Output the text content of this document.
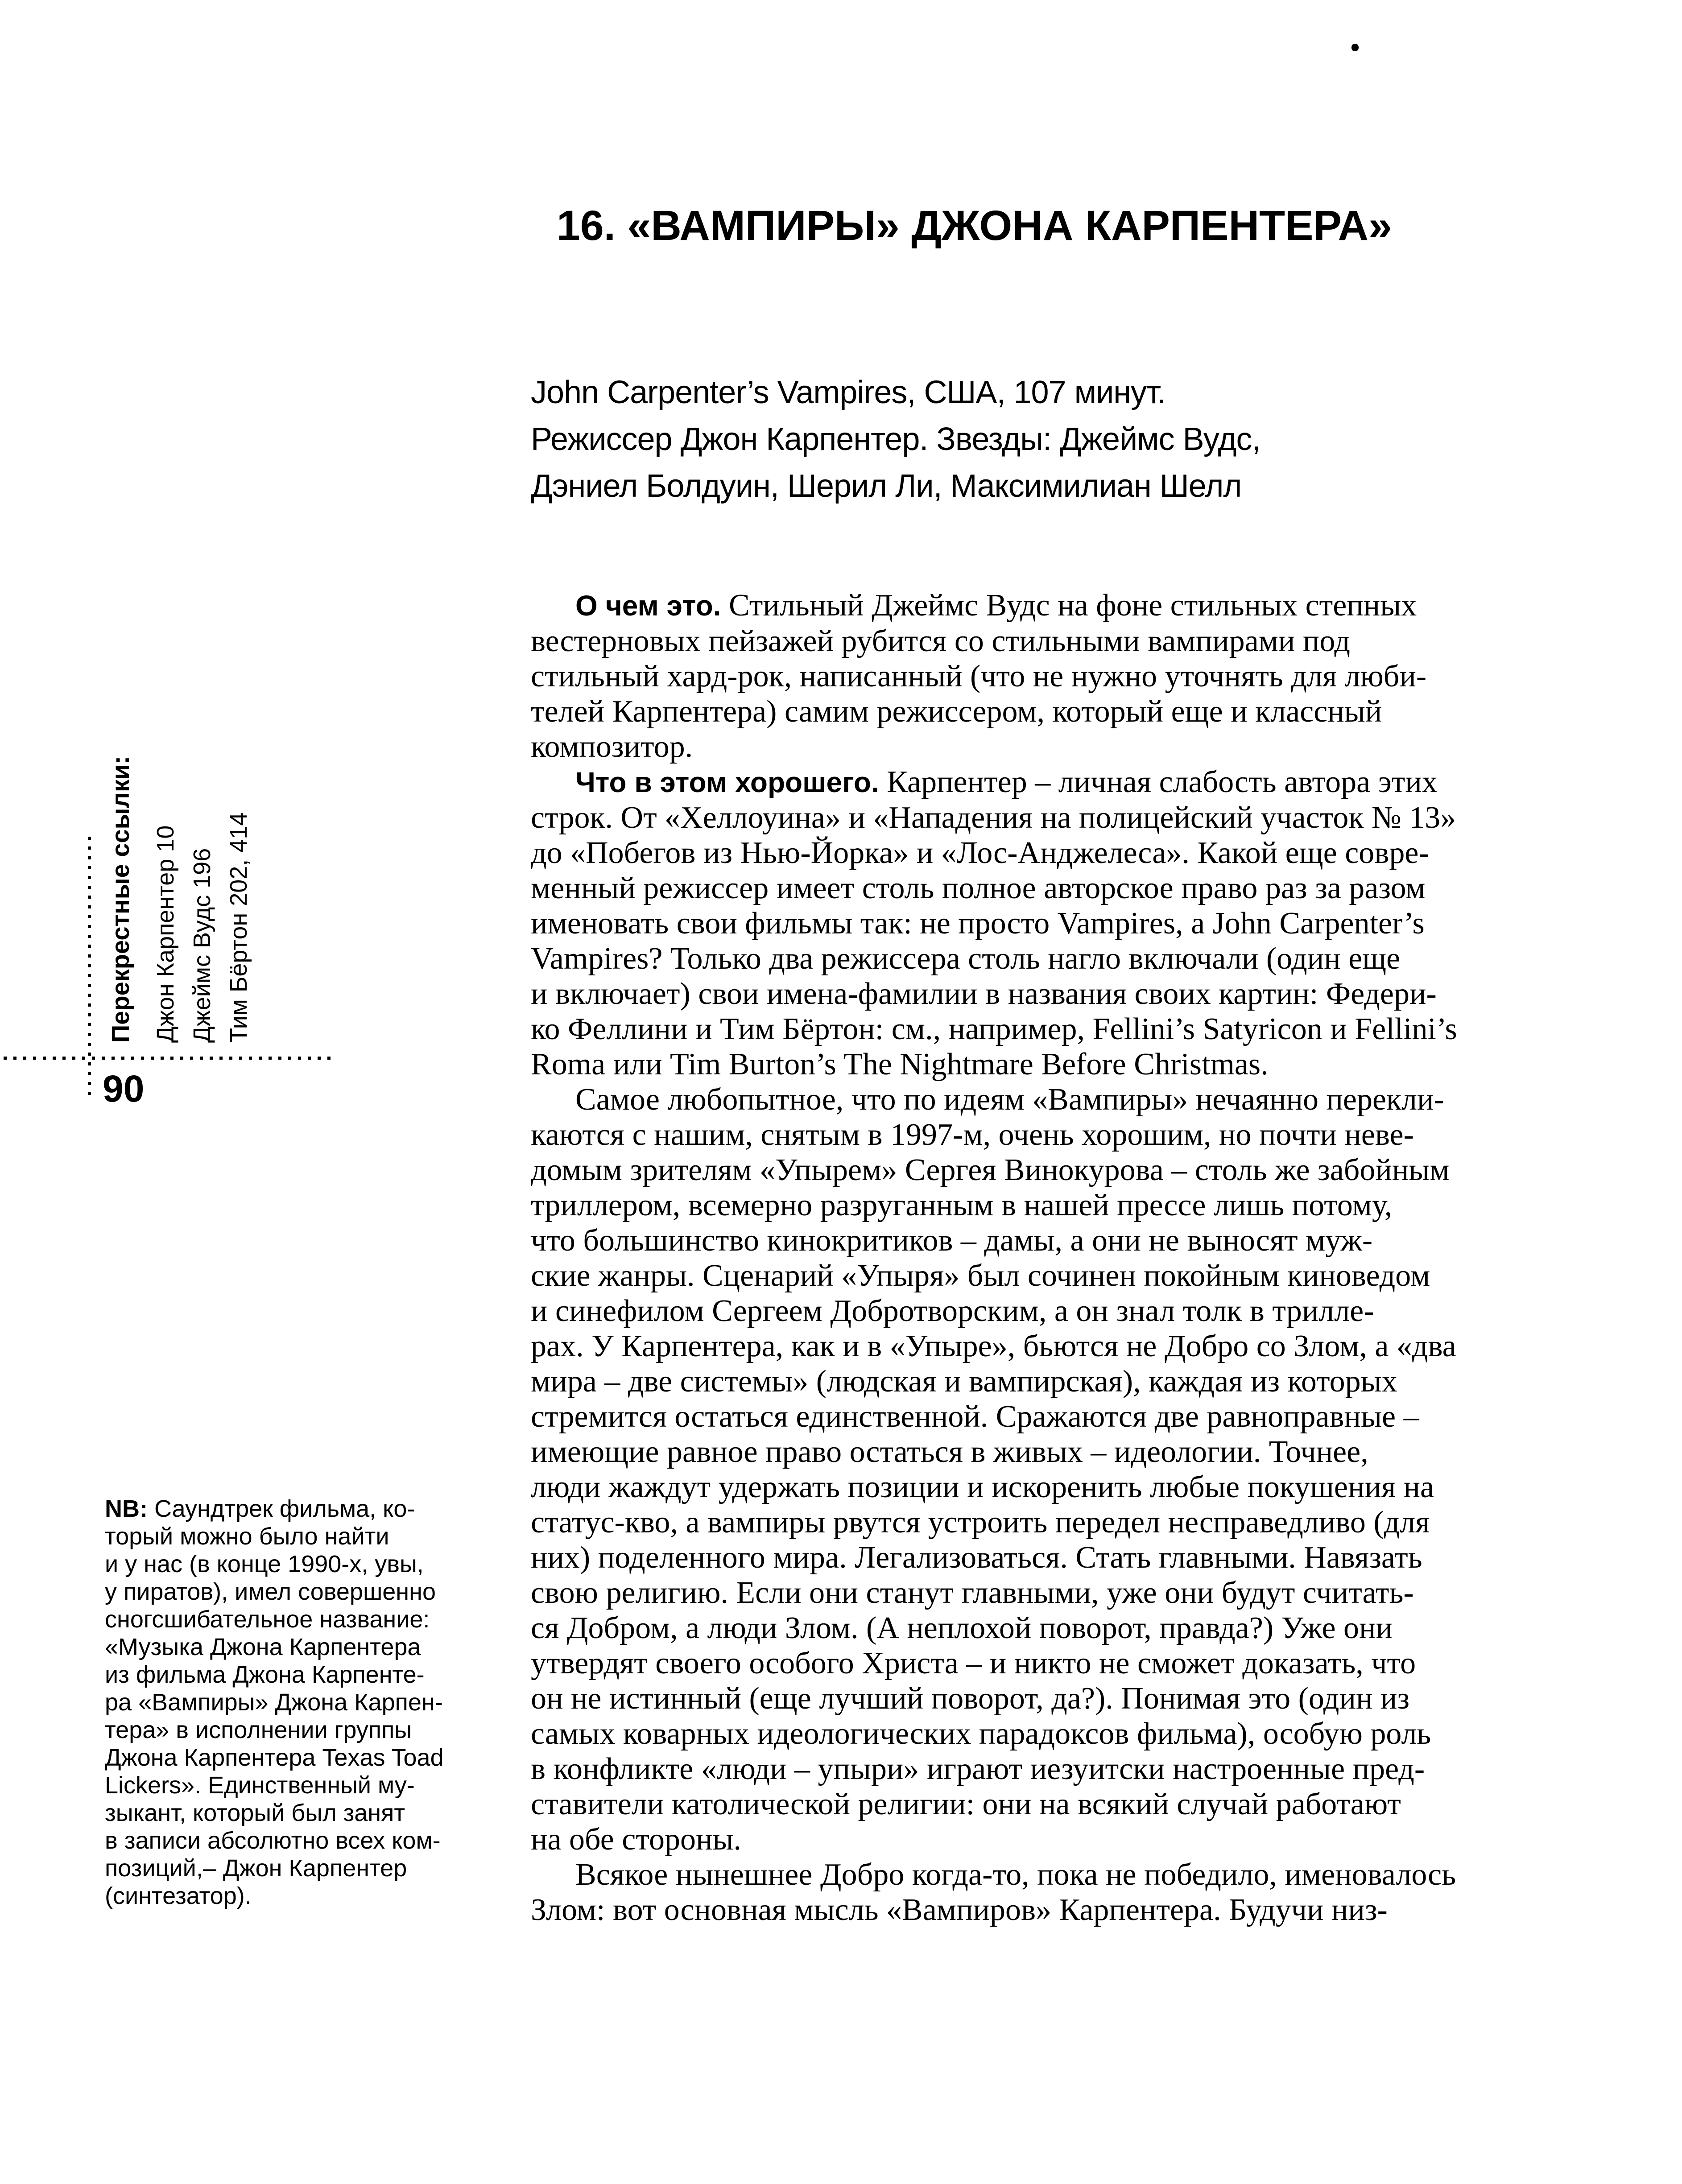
16. «ВАМПИРЫ» ДЖОНА КАРПЕНТЕРА»
John Carpenter’s Vampires, США, 107 минут.
Режиссер Джон Карпентер. Звезды: Джеймс Вудс,
Дэниел Болдуин, Шерил Ли, Максимилиан Шелл
Перекрестные ссылки: Джон Карпентер 10 Джеймс Вудс 196 Тим Бёртон 202, 414
90
NB: Саундтрек фильма, ко-
торый можно было найти
и у нас (в конце 1990-х, увы,
у пиратов), имел совершенно
сногсшибательное название:
«Музыка Джона Карпентера
из фильма Джона Карпенте-
ра «Вампиры» Джона Карпен-
тера» в исполнении группы
Джона Карпентера Texas Toad
Lickers». Единственный му-
зыкант, который был занят
в записи абсолютно всех ком-
позиций,– Джон Карпентер
(синтезатор).
О чем это. Стильный Джеймс Вудс на фоне стильных степных
вестерновых пейзажей рубится со стильными вампирами под
стильный хард-рок, написанный (что не нужно уточнять для люби-
телей Карпентера) самим режиссером, который еще и классный
композитор.
Что в этом хорошего. Карпентер – личная слабость автора этих
строк. От «Хеллоуина» и «Нападения на полицейский участок № 13»
до «Побегов из Нью-Йорка» и «Лос-Анджелеса». Какой еще совре-
менный режиссер имеет столь полное авторское право раз за разом
именовать свои фильмы так: не просто Vampires, а John Carpenter’s
Vampires? Только два режиссера столь нагло включали (один еще
и включает) свои имена-фамилии в названия своих картин: Федери-
ко Феллини и Тим Бёртон: см., например, Fellini’s Satyricon и Fellini’s
Roma или Tim Burton’s The Nightmare Before Christmas.
Самое любопытное, что по идеям «Вампиры» нечаянно перекли-
каются с нашим, снятым в 1997-м, очень хорошим, но почти неве-
домым зрителям «Упырем» Сергея Винокурова – столь же забойным
триллером, всемерно разруганным в нашей прессе лишь потому,
что большинство кинокритиков – дамы, а они не выносят муж-
ские жанры. Сценарий «Упыря» был сочинен покойным киноведом
и синефилом Сергеем Добротворским, а он знал толк в трилле-
рах. У Карпентера, как и в «Упыре», бьются не Добро со Злом, а «два
мира – две системы» (людская и вампирская), каждая из которых
стремится остаться единственной. Сражаются две равноправные –
имеющие равное право остаться в живых – идеологии. Точнее,
люди жаждут удержать позиции и искоренить любые покушения на
статус-кво, а вампиры рвутся устроить передел несправедливо (для
них) поделенного мира. Легализоваться. Стать главными. Навязать
свою религию. Если они станут главными, уже они будут считать-
ся Добром, а люди Злом. (А неплохой поворот, правда?) Уже они
утвердят своего особого Христа – и никто не сможет доказать, что
он не истинный (еще лучший поворот, да?). Понимая это (один из
самых коварных идеологических парадоксов фильма), особую роль
в конфликте «люди – упыри» играют иезуитски настроенные пред-
ставители католической религии: они на всякий случай работают
на обе стороны.
Всякое нынешнее Добро когда-то, пока не победило, именовалось
Злом: вот основная мысль «Вампиров» Карпентера. Будучи низ-
